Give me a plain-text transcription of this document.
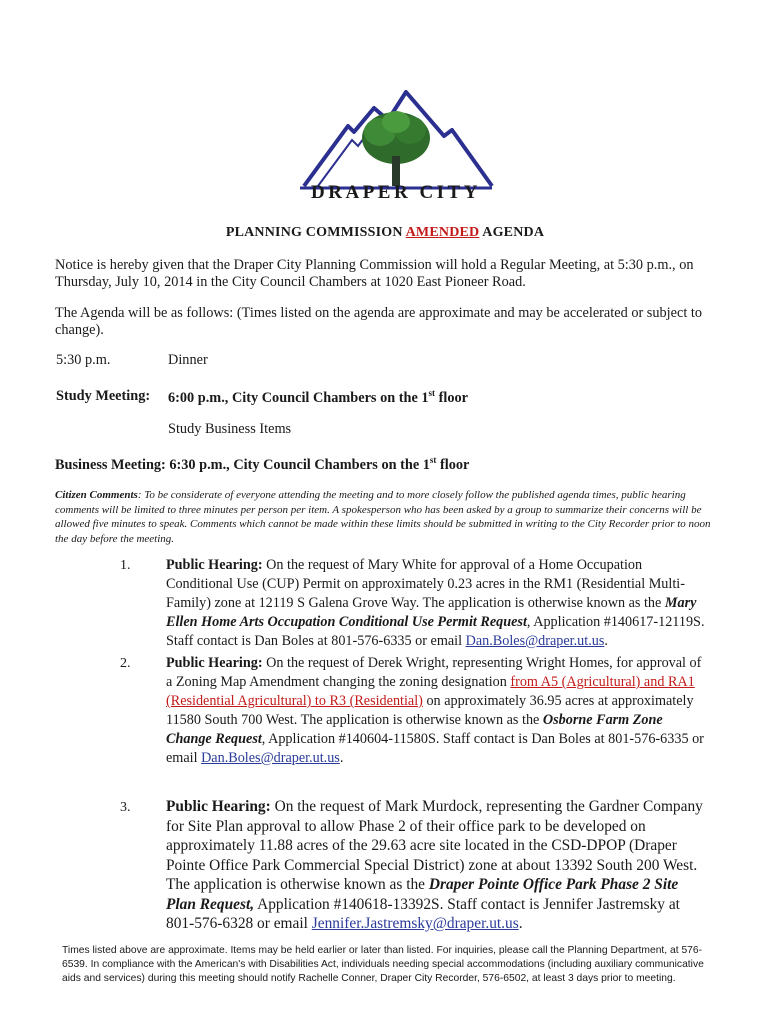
DRAPER CITY
PLANNING COMMISSION AMENDED AGENDA
Notice is hereby given that the Draper City Planning Commission will hold a Regular Meeting, at 5:30 p.m., on Thursday, July 10, 2014 in the City Council Chambers at 1020 East Pioneer Road.
The Agenda will be as follows: (Times listed on the agenda are approximate and may be accelerated or subject to change).
5:30 p.m.	Dinner
Study Meeting: 6:00 p.m., City Council Chambers on the 1st floor
Study Business Items
Business Meeting: 6:30 p.m., City Council Chambers on the 1st floor
Citizen Comments: To be considerate of everyone attending the meeting and to more closely follow the published agenda times, public hearing comments will be limited to three minutes per person per item. A spokesperson who has been asked by a group to summarize their concerns will be allowed five minutes to speak. Comments which cannot be made within these limits should be submitted in writing to the City Recorder prior to noon the day before the meeting.
1.	Public Hearing: On the request of Mary White for approval of a Home Occupation Conditional Use (CUP) Permit on approximately 0.23 acres in the RM1 (Residential Multi-Family) zone at 12119 S Galena Grove Way. The application is otherwise known as the Mary Ellen Home Arts Occupation Conditional Use Permit Request, Application #140617-12119S. Staff contact is Dan Boles at 801-576-6335 or email Dan.Boles@draper.ut.us.
2.	Public Hearing: On the request of Derek Wright, representing Wright Homes, for approval of a Zoning Map Amendment changing the zoning designation from A5 (Agricultural) and RA1 (Residential Agricultural) to R3 (Residential) on approximately 36.95 acres at approximately 11580 South 700 West. The application is otherwise known as the Osborne Farm Zone Change Request, Application #140604-11580S. Staff contact is Dan Boles at 801-576-6335 or email Dan.Boles@draper.ut.us.
3. Public Hearing: On the request of Mark Murdock, representing the Gardner Company for Site Plan approval to allow Phase 2 of their office park to be developed on approximately 11.88 acres of the 29.63 acre site located in the CSD-DPOP (Draper Pointe Office Park Commercial Special District) zone at about 13392 South 200 West. The application is otherwise known as the Draper Pointe Office Park Phase 2 Site Plan Request, Application #140618-13392S. Staff contact is Jennifer Jastremsky at 801-576-6328 or email Jennifer.Jastremsky@draper.ut.us.
Times listed above are approximate. Items may be held earlier or later than listed. For inquiries, please call the Planning Department, at 576-6539. In compliance with the American's with Disabilities Act, individuals needing special accommodations (including auxiliary communicative aids and services) during this meeting should notify Rachelle Conner, Draper City Recorder, 576-6502, at least 3 days prior to meeting.
